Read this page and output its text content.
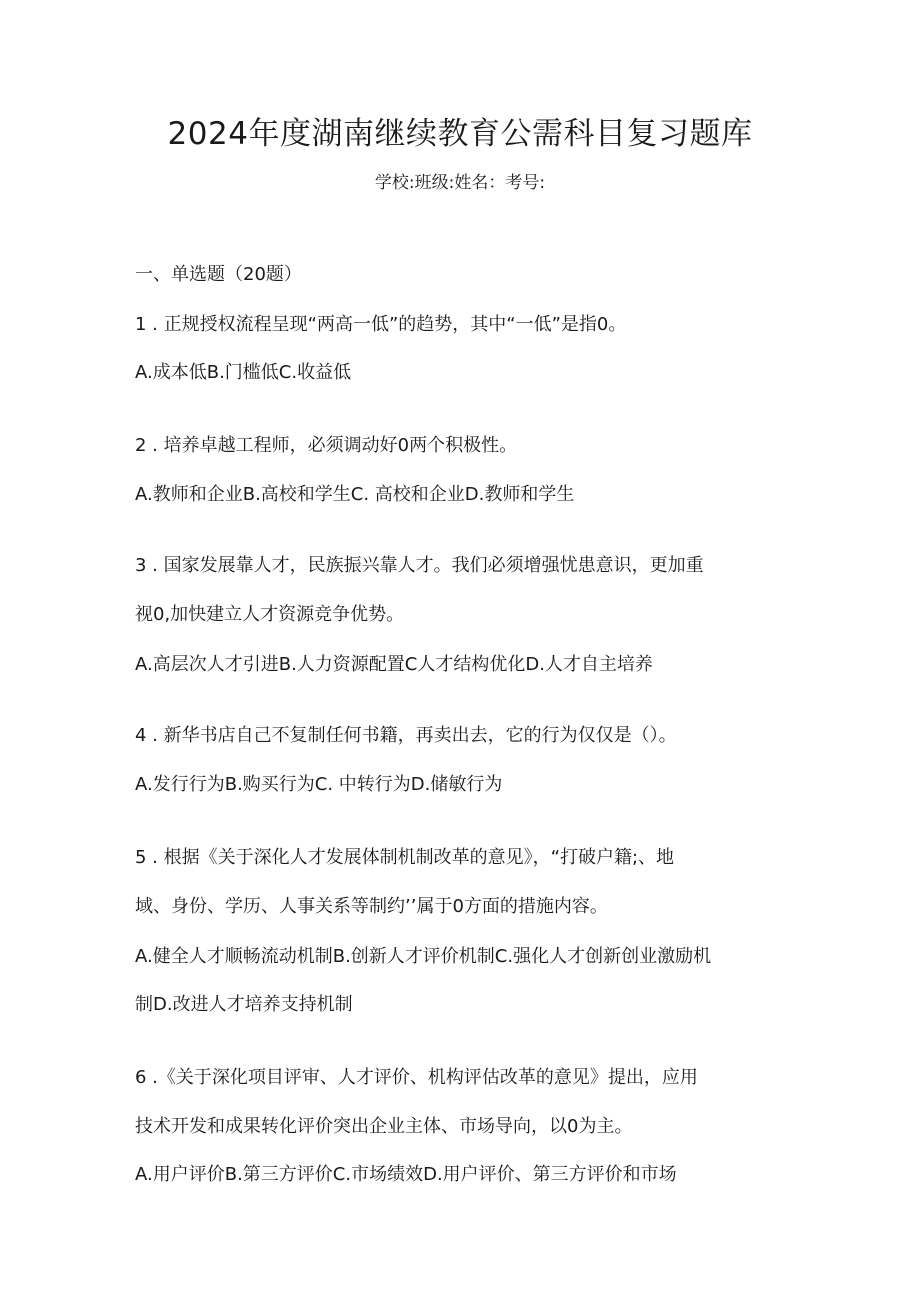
2024年度湖南继续教育公需科目复习题库
学校:班级:姓名：考号:
一、单选题（20题）
1 . 正规授权流程呈现“两高一低”的趋势，其中“一低”是指0。
A.成本低B.门槛低C.收益低
2 . 培养卓越工程师，必须调动好0两个积极性。
A.教师和企业B.高校和学生C. 高校和企业D.教师和学生
3 . 国家发展靠人才，民族振兴靠人才。我们必须增强忧患意识，更加重
视0,加快建立人才资源竞争优势。
A.高层次人才引进B.人力资源配置C人才结构优化D.人才自主培养
4 . 新华书店自己不复制任何书籍，再卖出去，它的行为仅仅是（）。
A.发行行为B.购买行为C. 中转行为D.储敏行为
5 . 根据《关于深化人才发展体制机制改革的意见》，“打破户籍;、地
域、身份、学历、人事关系等制约’’属于0方面的措施内容。
A.健全人才顺畅流动机制B.创新人才评价机制C.强化人才创新创业激励机
制D.改进人才培养支持机制
6 .《关于深化项目评审、人才评价、机构评估改革的意见》提出，应用
技术开发和成果转化评价突出企业主体、市场导向，以0为主。
A.用户评价B.第三方评价C.市场绩效D.用户评价、第三方评价和市场
